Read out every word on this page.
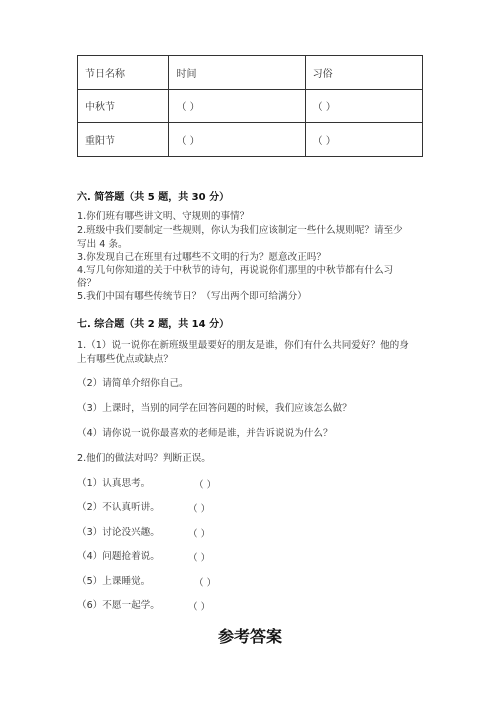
节日名称	时间	习俗
中秋节	（ ）	（ ）
重阳节	（ ）	（ ）
六. 简答题（共 5 题，共 30 分）
1.你们班有哪些讲文明、守规则的事情？
2.班级中我们要制定一些规则，你认为我们应该制定一些什么规则呢？请至少
写出 4 条。
3.你发现自己在班里有过哪些不文明的行为？愿意改正吗？
4.写几句你知道的关于中秋节的诗句，再说说你们那里的中秋节都有什么习
俗？
5.我们中国有哪些传统节日？（写出两个即可给满分）
七. 综合题（共 2 题，共 14 分）
1.（1）说一说你在新班级里最要好的朋友是谁，你们有什么共同爱好？他的身
上有哪些优点或缺点？
（2）请简单介绍你自己。
（3）上课时，当别的同学在回答问题的时候，我们应该怎么做？
（4）请你说一说你最喜欢的老师是谁，并告诉说说为什么？
2.他们的做法对吗？判断正误。
（1）认真思考。	（ ）
（2）不认真听讲。	（ ）
（3）讨论没兴趣。	（ ）
（4）问题抢着说。	（ ）
（5）上课睡觉。	（ ）
（6）不愿一起学。	（ ）
参考答案
